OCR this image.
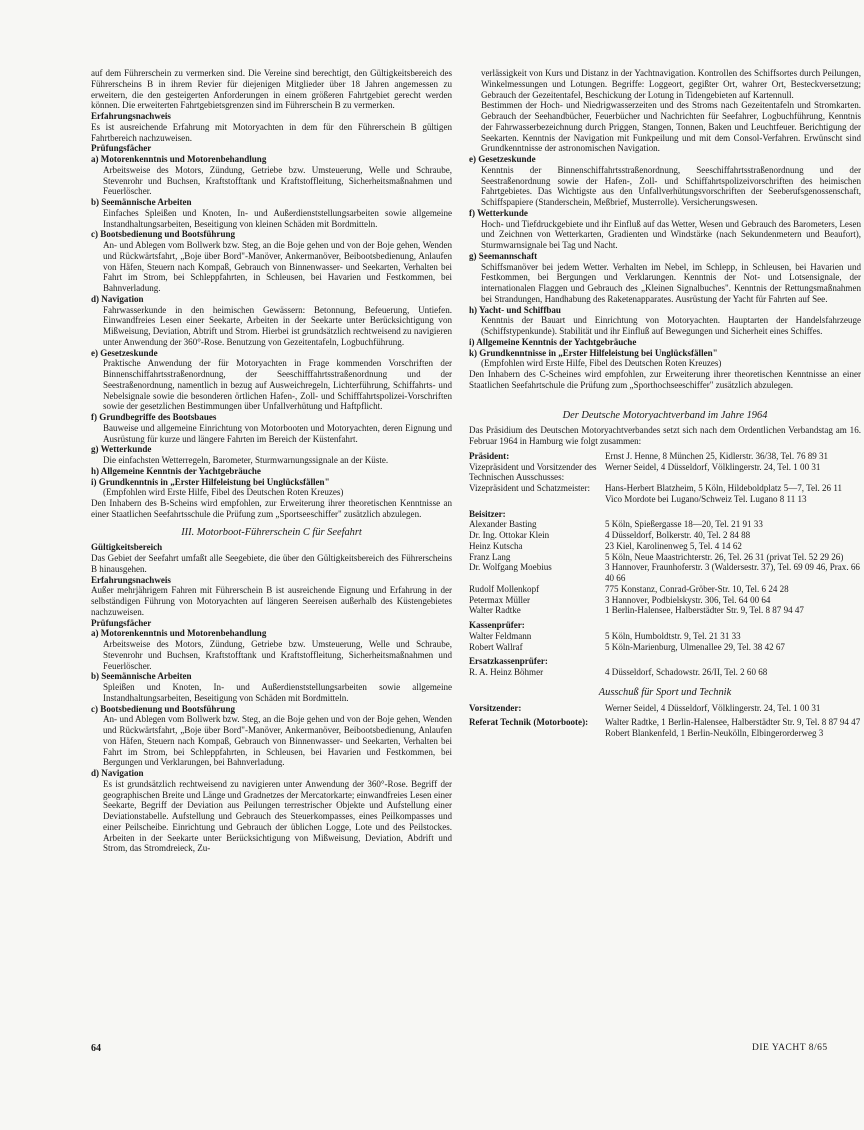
auf dem Führerschein zu vermerken sind. Die Vereine sind berechtigt, den Gültigkeitsbereich des Führerscheins B in ihrem Revier für diejenigen Mitglieder über 18 Jahren angemessen zu erweitern, die den gesteigerten Anforderungen in einem größeren Fahrtgebiet gerecht werden können. Die erweiterten Fahrtgebietsgrenzen sind im Führerschein B zu vermerken.

Erfahrungsnachweis

Es ist ausreichende Erfahrung mit Motoryachten in dem für den Führerschein B gültigen Fahrtbereich nachzuweisen.

Prüfungsfächer

a) Motorenkenntnis und Motorenbehandlung

Arbeitsweise des Motors, Zündung, Getriebe bzw. Umsteuerung, Welle und Schraube, Stevenrohr und Buchsen, Kraftstofftank und Kraftstoffleitung, Sicherheitsmaßnahmen und Feuerlöscher.

b) Seemännische Arbeiten

Einfaches Spleißen und Knoten, In- und Außerdienststellungsarbeiten sowie allgemeine Instandhaltungsarbeiten, Beseitigung von kleinen Schäden mit Bordmitteln.

c) Bootsbedienung und Bootsführung

An- und Ablegen vom Bollwerk bzw. Steg, an die Boje gehen und von der Boje gehen, Wenden und Rückwärtsfahrt, „Boje über Bord"-Manöver, Ankermanöver, Beibootsbedienung, Anlaufen von Häfen, Steuern nach Kompaß, Gebrauch von Binnenwasser- und Seekarten, Verhalten bei Fahrt im Strom, bei Schleppfahrten, in Schleusen, bei Havarien und Festkommen, bei Bahnverladung.

d) Navigation

Fahrwasserkunde in den heimischen Gewässern: Betonnung, Befeuerung, Untiefen. Einwandfreies Lesen einer Seekarte, Arbeiten in der Seekarte unter Berücksichtigung von Mißweisung, Deviation, Abtrift und Strom. Hierbei ist grundsätzlich rechtweisend zu navigieren unter Anwendung der 360°-Rose. Benutzung von Gezeitentafeln, Logbuchführung.

e) Gesetzeskunde

Praktische Anwendung der für Motoryachten in Frage kommenden Vorschriften der Binnenschiffahrtsstraßenordnung, der Seeschifffahrtsstraßenordnung und der Seestraßenordnung, namentlich in bezug auf Ausweichregeln, Lichterführung, Schiffahrts- und Nebelsignale sowie die besonderen örtlichen Hafen-, Zoll- und Schifffahrtspolizei-Vorschriften sowie der gesetzlichen Bestimmungen über Unfallverhütung und Haftpflicht.

f) Grundbegriffe des Bootsbaues

Bauweise und allgemeine Einrichtung von Motorbooten und Motoryachten, deren Eignung und Ausrüstung für kurze und längere Fahrten im Bereich der Küstenfahrt.

g) Wetterkunde

Die einfachsten Wetterregeln, Barometer, Sturmwarnungssignale an der Küste.

h) Allgemeine Kenntnis der Yachtgebräuche

i) Grundkenntnis in „Erster Hilfeleistung bei Unglücksfällen"

(Empfohlen wird Erste Hilfe, Fibel des Deutschen Roten Kreuzes)

Den Inhabern des B-Scheins wird empfohlen, zur Erweiterung ihrer theoretischen Kenntnisse an einer Staatlichen Seefahrtsschule die Prüfung zum „Sportseeschiffer" zusätzlich abzulegen.

III. Motorboot-Führerschein C für Seefahrt

Gültigkeitsbereich

Das Gebiet der Seefahrt umfaßt alle Seegebiete, die über den Gültigkeitsbereich des Führerscheins B hinausgehen.

Erfahrungsnachweis

Außer mehrjährigem Fahren mit Führerschein B ist ausreichende Eignung und Erfahrung in der selbständigen Führung von Motoryachten auf längeren Seereisen außerhalb des Küstengebietes nachzuweisen.

Prüfungsfächer

a) Motorenkenntnis und Motorenbehandlung

Arbeitsweise des Motors, Zündung, Getriebe bzw. Umsteuerung, Welle und Schraube, Stevenrohr und Buchsen, Kraftstofftank und Kraftstoffleitung, Sicherheitsmaßnahmen und Feuerlöscher.

b) Seemännische Arbeiten

Spleißen und Knoten, In- und Außerdienststellungsarbeiten sowie allgemeine Instandhaltungsarbeiten, Beseitigung von Schäden mit Bordmitteln.

c) Bootsbedienung und Bootsführung

An- und Ablegen vom Bollwerk bzw. Steg, an die Boje gehen und von der Boje gehen, Wenden und Rückwärtsfahrt, „Boje über Bord"-Manöver, Ankermanöver, Beibootsbedienung, Anlaufen von Häfen, Steuern nach Kompaß, Gebrauch von Binnenwasser- und Seekarten, Verhalten bei Fahrt im Strom, bei Schleppfahrten, in Schleusen, bei Havarien und Festkommen, bei Bergungen und Verklarungen, bei Bahnverladung.

d) Navigation

Es ist grundsätzlich rechtweisend zu navigieren unter Anwendung der 360°-Rose. Begriff der geographischen Breite und Länge und Gradnetzes der Mercatorkarte; einwandfreies Lesen einer Seekarte, Begriff der Deviation aus Peilungen terrestrischer Objekte und Aufstellung einer Deviationstabelle. Aufstellung und Gebrauch des Steuerkompasses, eines Peilkompasses und einer Peilscheibe. Einrichtung und Gebrauch der üblichen Logge, Lote und des Peilstockes. Arbeiten in der Seekarte unter Berücksichtigung von Mißweisung, Deviation, Abdrift und Strom, das Stromdreieck, Zu-

verlässigkeit von Kurs und Distanz in der Yachtnavigation. Kontrollen des Schiffsortes durch Peilungen, Winkelmessungen und Lotungen. Begriffe: Loggeort, gegißter Ort, wahrer Ort, Besteckversetzung; Gebrauch der Gezeitentafel, Beschickung der Lotung in Tidengebieten auf Kartennull.

Bestimmen der Hoch- und Niedrigwasserzeiten und des Stroms nach Gezeitentafeln und Stromkarten. Gebrauch der Seehandbücher, Feuerbücher und Nachrichten für Seefahrer, Logbuchführung, Kenntnis der Fahrwasserbezeichnung durch Priggen, Stangen, Tonnen, Baken und Leuchtfeuer. Berichtigung der Seekarten. Kenntnis der Navigation mit Funkpeilung und mit dem Consol-Verfahren. Erwünscht sind Grundkenntnisse der astronomischen Navigation.

e) Gesetzeskunde

Kenntnis der Binnenschiffahrtsstraßenordnung, Seeschiffahrtsstraßenordnung und der Seestraßenordnung sowie der Hafen-, Zoll- und Schiffahrtspolizeivorschriften des heimischen Fahrtgebietes. Das Wichtigste aus den Unfallverhütungsvorschriften der Seeberufsgenossenschaft, Schiffspapiere (Standerschein, Meßbrief, Musterrolle). Versicherungswesen.

f) Wetterkunde

Hoch- und Tiefdruckgebiete und ihr Einfluß auf das Wetter, Wesen und Gebrauch des Barometers, Lesen und Zeichnen von Wetterkarten, Gradienten und Windstärke (nach Sekundenmetern und Beaufort), Sturmwarnsignale bei Tag und Nacht.

g) Seemannschaft

Schiffsmanöver bei jedem Wetter. Verhalten im Nebel, im Schlepp, in Schleusen, bei Havarien und Festkommen, bei Bergungen und Verklarungen. Kenntnis der Not- und Lotsensignale, der internationalen Flaggen und Gebrauch des „Kleinen Signalbuches". Kenntnis der Rettungsmaßnahmen bei Strandungen, Handhabung des Raketenapparates. Ausrüstung der Yacht für Fahrten auf See.

h) Yacht- und Schiffbau

Kenntnis der Bauart und Einrichtung von Motoryachten. Hauptarten der Handelsfahrzeuge (Schiffstypenkunde). Stabilität und ihr Einfluß auf Bewegungen und Sicherheit eines Schiffes.

i) Allgemeine Kenntnis der Yachtgebräuche

k) Grundkenntnisse in „Erster Hilfeleistung bei Unglücksfällen"

(Empfohlen wird Erste Hilfe, Fibel des Deutschen Roten Kreuzes)

Den Inhabern des C-Scheines wird empfohlen, zur Erweiterung ihrer theoretischen Kenntnisse an einer Staatlichen Seefahrtschule die Prüfung zum „Sporthochseeschiffer" zusätzlich abzulegen.

Der Deutsche Motoryachtverband im Jahre 1964

Das Präsidium des Deutschen Motoryachtverbandes setzt sich nach dem Ordentlichen Verbandstag am 16. Februar 1964 in Hamburg wie folgt zusammen:

Präsident:	Ernst J. Henne, 8 München 25, Kidlerstr. 36/38, Tel. 76 89 31
Vizepräsident und Vorsitzender des Technischen Ausschusses:
Werner Seidel, 4 Düsseldorf, Völklingerstr. 24, Tel. 1 00 31
Vizepräsident und Schatzmeister:	Hans-Herbert Blatzheim, 5 Köln, Hildeboldplatz 5—7, Tel. 26 11 Vico Mordote bei Lugano/Schweiz Tel. Lugano 8 11 13
Beisitzer:
Alexander Basting	5 Köln, Spießergasse 18—20, Tel. 21 91 33
Dr. Ing. Ottokar Klein	4 Düsseldorf, Bolkerstr. 40, Tel. 2 84 88
Heinz Kutscha	23 Kiel, Karolinenweg 5, Tel. 4 14 62
Franz Lang	5 Köln, Neue Maastrichterstr. 26, Tel. 26 31 (privat Tel. 52 29 26)
Dr. Wolfgang Moebius	3 Hannover, Fraunhoferstr. 3 (Waldersestr. 37), Tel. 69 09 46, Prax. 66 40 66
Rudolf Mollenkopf	775 Konstanz, Conrad-Gröber-Str. 10, Tel. 6 24 28
Petermax Müller	3 Hannover, Podbielskystr. 306, Tel. 64 00 64
Walter Radtke	1 Berlin-Halensee, Halberstädter Str. 9, Tel. 8 87 94 47
Kassenprüfer:
Walter Feldmann	5 Köln, Humboldtstr. 9, Tel. 21 31 33
Robert Wallraf	5 Köln-Marienburg, Ulmenallee 29, Tel. 38 42 67
Ersatzkassenprüfer:
R. A. Heinz Böhmer	4 Düsseldorf, Schadowstr. 26/II, Tel. 2 60 68
Ausschuß für Sport und Technik
Vorsitzender:	Werner Seidel, 4 Düsseldorf, Völklingerstr. 24, Tel. 1 00 31
Referat Technik (Motorboote):	Walter Radtke, 1 Berlin-Halensee, Halberstädter Str. 9, Tel. 8 87 94 47 Robert Blankenfeld, 1 Berlin-Neukölln, Elbingerorderweg 3
64	DIE YACHT 8/65
